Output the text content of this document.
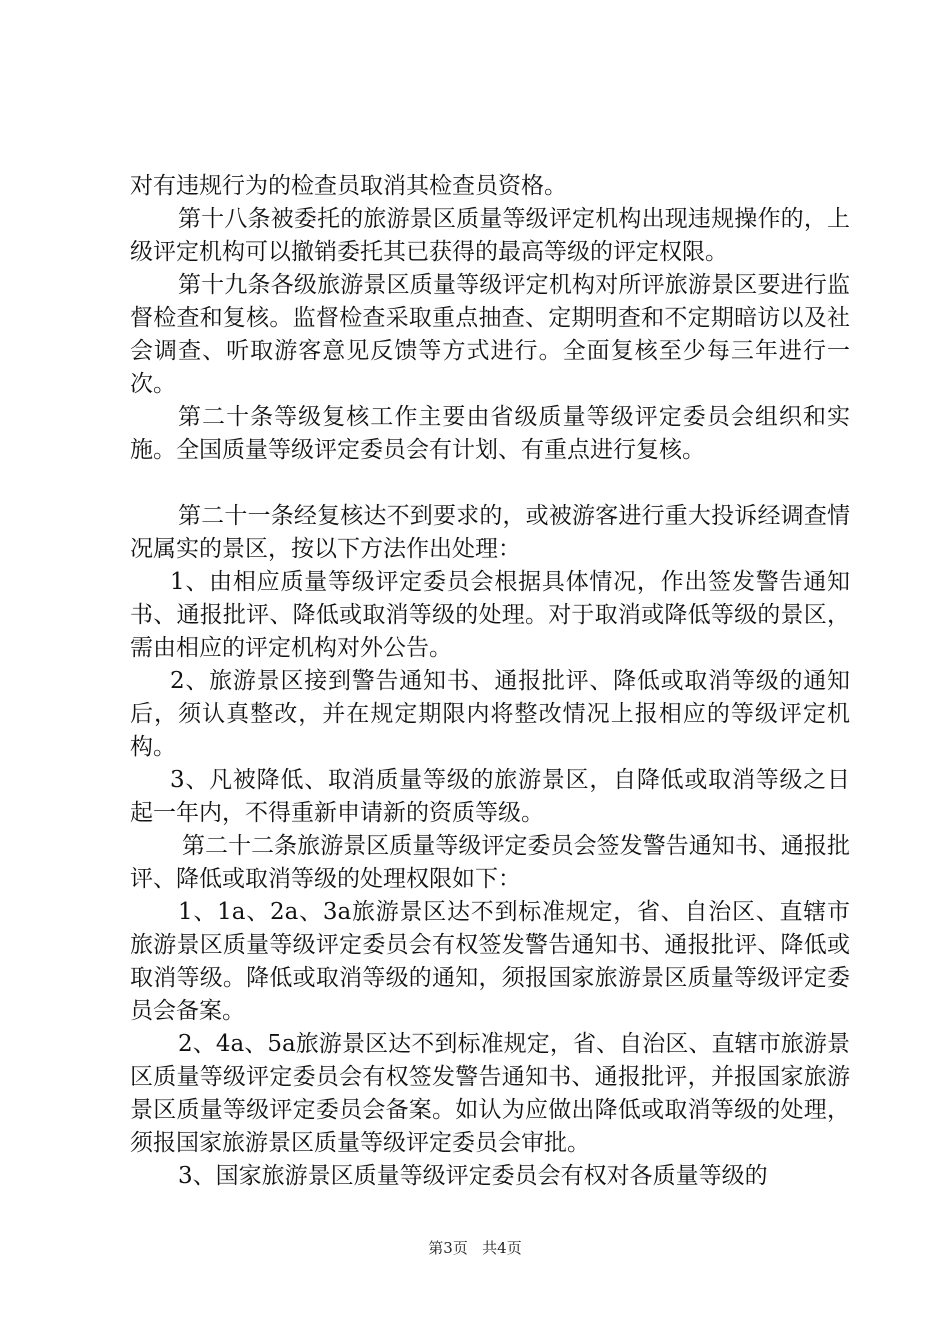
对有违规行为的检查员取消其检查员资格。

第十八条被委托的旅游景区质量等级评定机构出现违规操作的，上级评定机构可以撤销委托其已获得的最高等级的评定权限。

第十九条各级旅游景区质量等级评定机构对所评旅游景区要进行监督检查和复核。监督检查采取重点抽查、定期明查和不定期暗访以及社会调查、听取游客意见反馈等方式进行。全面复核至少每三年进行一次。

第二十条等级复核工作主要由省级质量等级评定委员会组织和实施。全国质量等级评定委员会有计划、有重点进行复核。

第二十一条经复核达不到要求的，或被游客进行重大投诉经调查情况属实的景区，按以下方法作出处理：

1、由相应质量等级评定委员会根据具体情况，作出签发警告通知书、通报批评、降低或取消等级的处理。对于取消或降低等级的景区，需由相应的评定机构对外公告。

2、旅游景区接到警告通知书、通报批评、降低或取消等级的通知后，须认真整改，并在规定期限内将整改情况上报相应的等级评定机构。

3、凡被降低、取消质量等级的旅游景区，自降低或取消等级之日起一年内，不得重新申请新的资质等级。

第二十二条旅游景区质量等级评定委员会签发警告通知书、通报批评、降低或取消等级的处理权限如下：

1、1a、2a、3a旅游景区达不到标准规定，省、自治区、直辖市旅游景区质量等级评定委员会有权签发警告通知书、通报批评、降低或取消等级。降低或取消等级的通知，须报国家旅游景区质量等级评定委员会备案。

2、4a、5a旅游景区达不到标准规定，省、自治区、直辖市旅游景区质量等级评定委员会有权签发警告通知书、通报批评，并报国家旅游景区质量等级评定委员会备案。如认为应做出降低或取消等级的处理，须报国家旅游景区质量等级评定委员会审批。

3、国家旅游景区质量等级评定委员会有权对各质量等级的

第3页 共4页
